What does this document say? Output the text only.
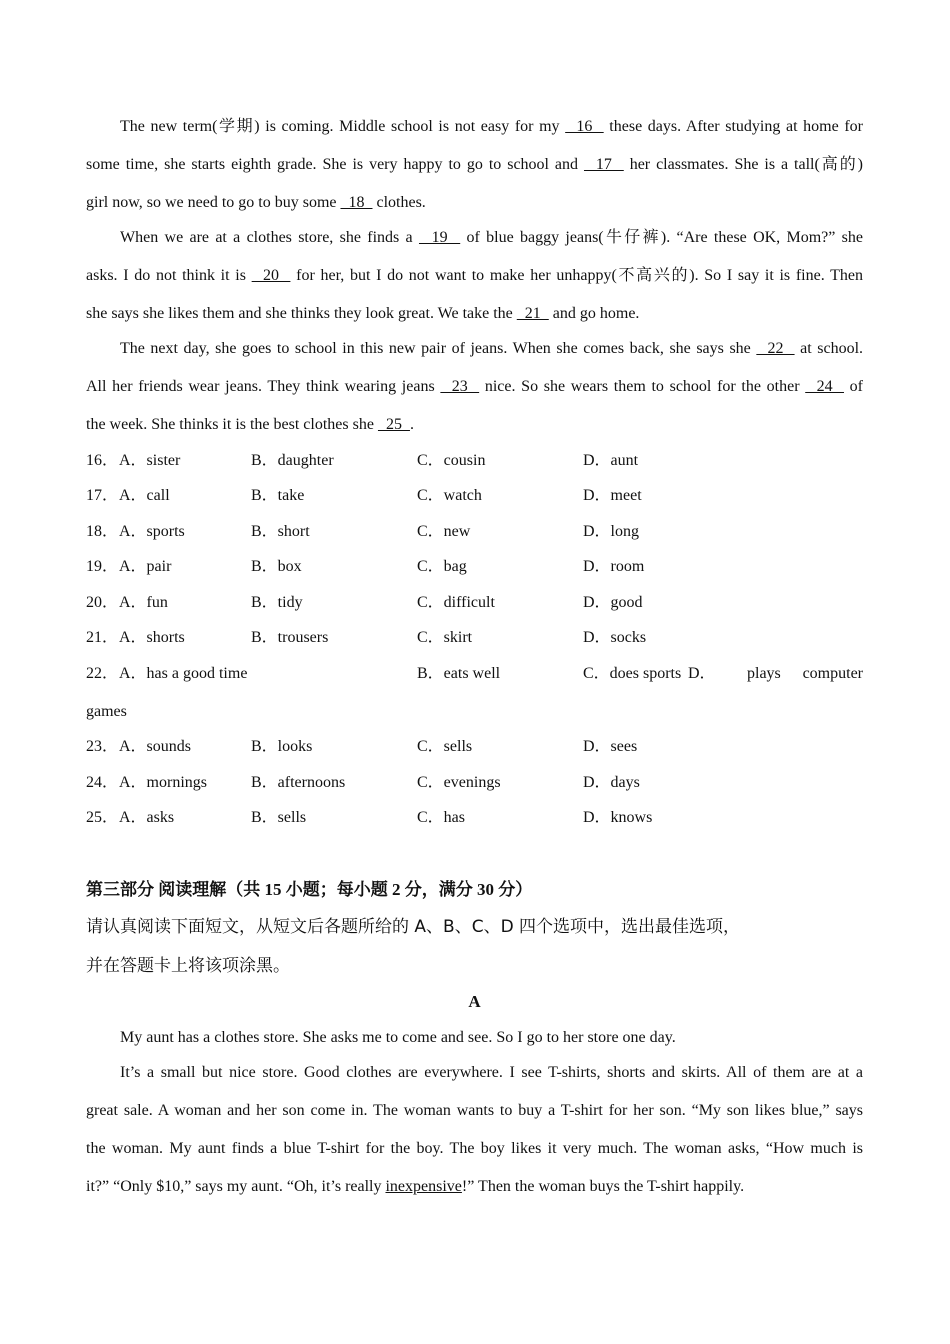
The new term(学期) is coming. Middle school is not easy for my   16   these days. After studying at home for
some time, she starts eighth grade. She is very happy to go to school and   17   her classmates. She is a tall(高的)
girl now, so we need to go to buy some   18   clothes.
When we are at a clothes store, she finds a   19   of blue baggy jeans(牛仔裤). “Are these OK, Mom?” she
asks. I do not think it is   20   for her, but I do not want to make her unhappy(不高兴的). So I say it is fine. Then
she says she likes them and she thinks they look great. We take the   21   and go home.
The next day, she goes to school in this new pair of jeans. When she comes back, she says she   22   at school.
All her friends wear jeans. They think wearing jeans   23   nice. So she wears them to school for the other   24   of
the week. She thinks it is the best clothes she   25  .
16． A．sister	B．daughter	C．cousin	D．aunt
17． A．call	B．take	C．watch	D．meet
18． A．sports	B．short	C．new	D．long
19． A．pair	B．box	C．bag	D．room
20． A．fun	B．tidy	C．difficult	D．good
21． A．shorts	B．trousers	C．skirt	D．socks
22． A．has a good time	B．eats well	C．does sports D． plays computer
games
23． A．sounds	B．looks	C．sells	D．sees
24． A．mornings	B．afternoons	C．evenings	D．days
25． A．asks	B．sells	C．has	D．knows
第三部分 阅读理解（共 15 小题；每小题 2 分，满分 30 分）
请认真阅读下面短文，从短文后各题所给的 A、B、C、D 四个选项中，选出最佳选项，
并在答题卡上将该项涂黑。
A
My aunt has a clothes store. She asks me to come and see. So I go to her store one day.
It’s a small but nice store. Good clothes are everywhere. I see T-shirts, shorts and skirts. All of them are at a
great sale. A woman and her son come in. The woman wants to buy a T-shirt for her son. “My son likes blue,” says
the woman. My aunt finds a blue T-shirt for the boy. The boy likes it very much. The woman asks, “How much is
it?” “Only $10,” says my aunt. “Oh, it’s really inexpensive!” Then the woman buys the T-shirt happily.
